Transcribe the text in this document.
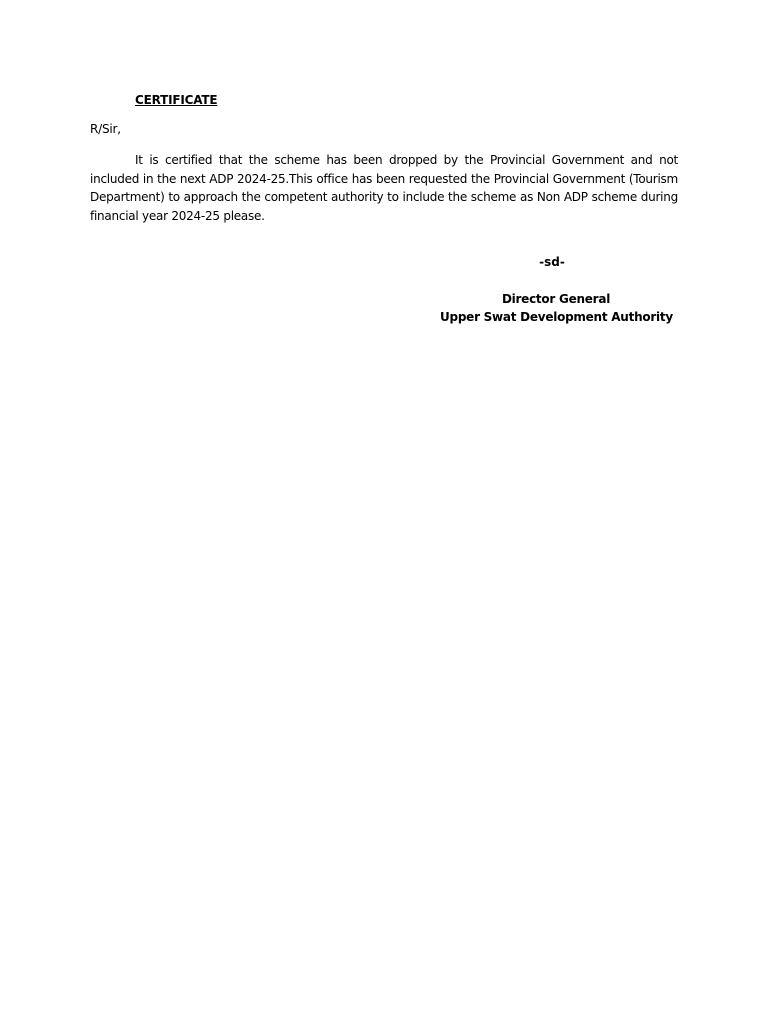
CERTIFICATE
R/Sir,

It is certified that the scheme has been dropped by the Provincial Government and not included in the next ADP 2024-25.This office has been requested the Provincial Government (Tourism Department) to approach the competent authority to include the scheme as Non ADP scheme during financial year 2024-25 please.

-sd-
Director General
Upper Swat Development Authority
